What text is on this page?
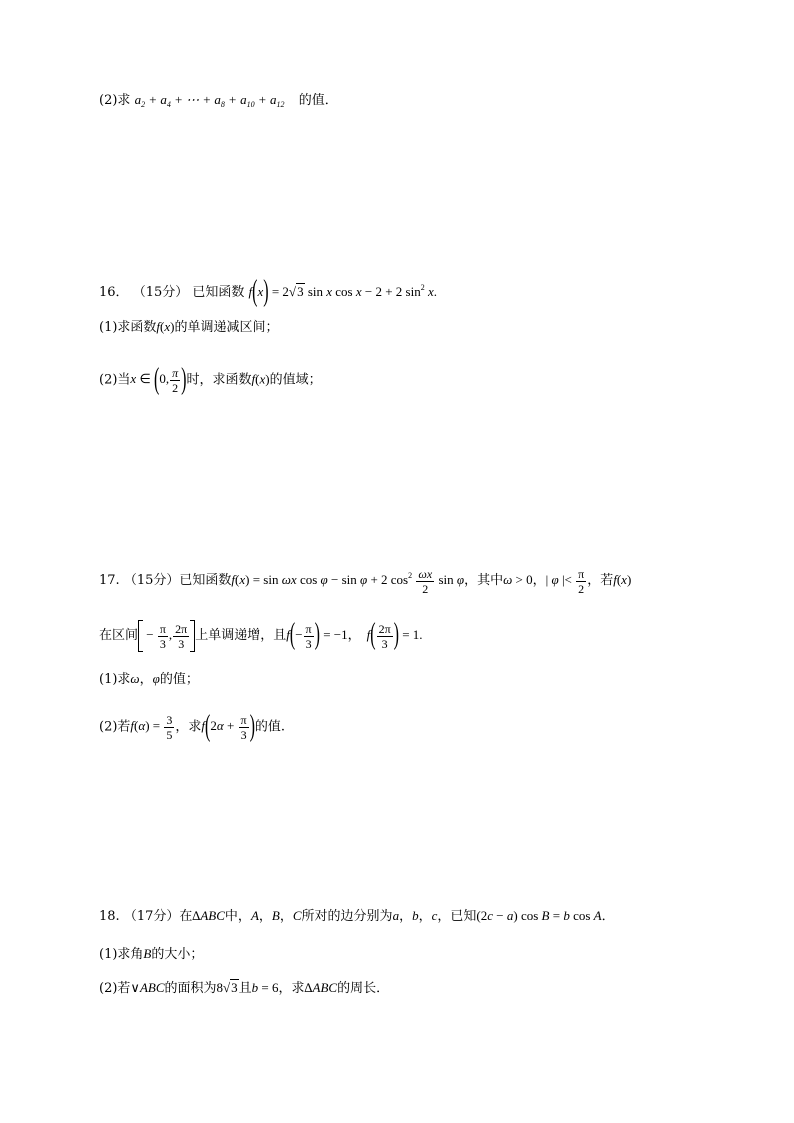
(2)求 $a_2 + a_4$ + ⋯ + $a_8 + a_{10} + a_{12}$ 的值．
16． （15分） 已知函数 f(x) = 2√3 sin x cos x − 2 + 2 $\sin^2 x$.
(1)求函数f(x)的单调递减区间；
(2)当x ∈ (0, $\frac{\pi}{2}$ )时，求函数f(x)的值域；
17. （15分）已知函数f(x) = sin ωx cos φ − sin φ + 2 $\cos^2 \frac{\omega x}{2}$ sin φ，其中ω > 0，| φ |< $\frac{\pi}{2}$ ，若f(x)
在区间 − $\frac{\pi}{3}$ , $\frac{2\pi}{3}$ 上单调递增，且$f(- \frac{\pi}{3}$ ) = −1， $f( \frac{2\pi}{3}$ ) = 1.
(1)求ω，φ的值；
(2)若$f(\alpha) = \frac{3}{5}$ ，求$f(2\alpha + \frac{\pi}{3}$ )的值.
18. （17分）在∆ABC中，A，B，C所对的边分别为a，b，c，已知(2c − a) cos B = b cos A．
(1)求角B的大小；
(2)若∨ABC的面积为8√3且b = 6，求∆ABC的周长．
